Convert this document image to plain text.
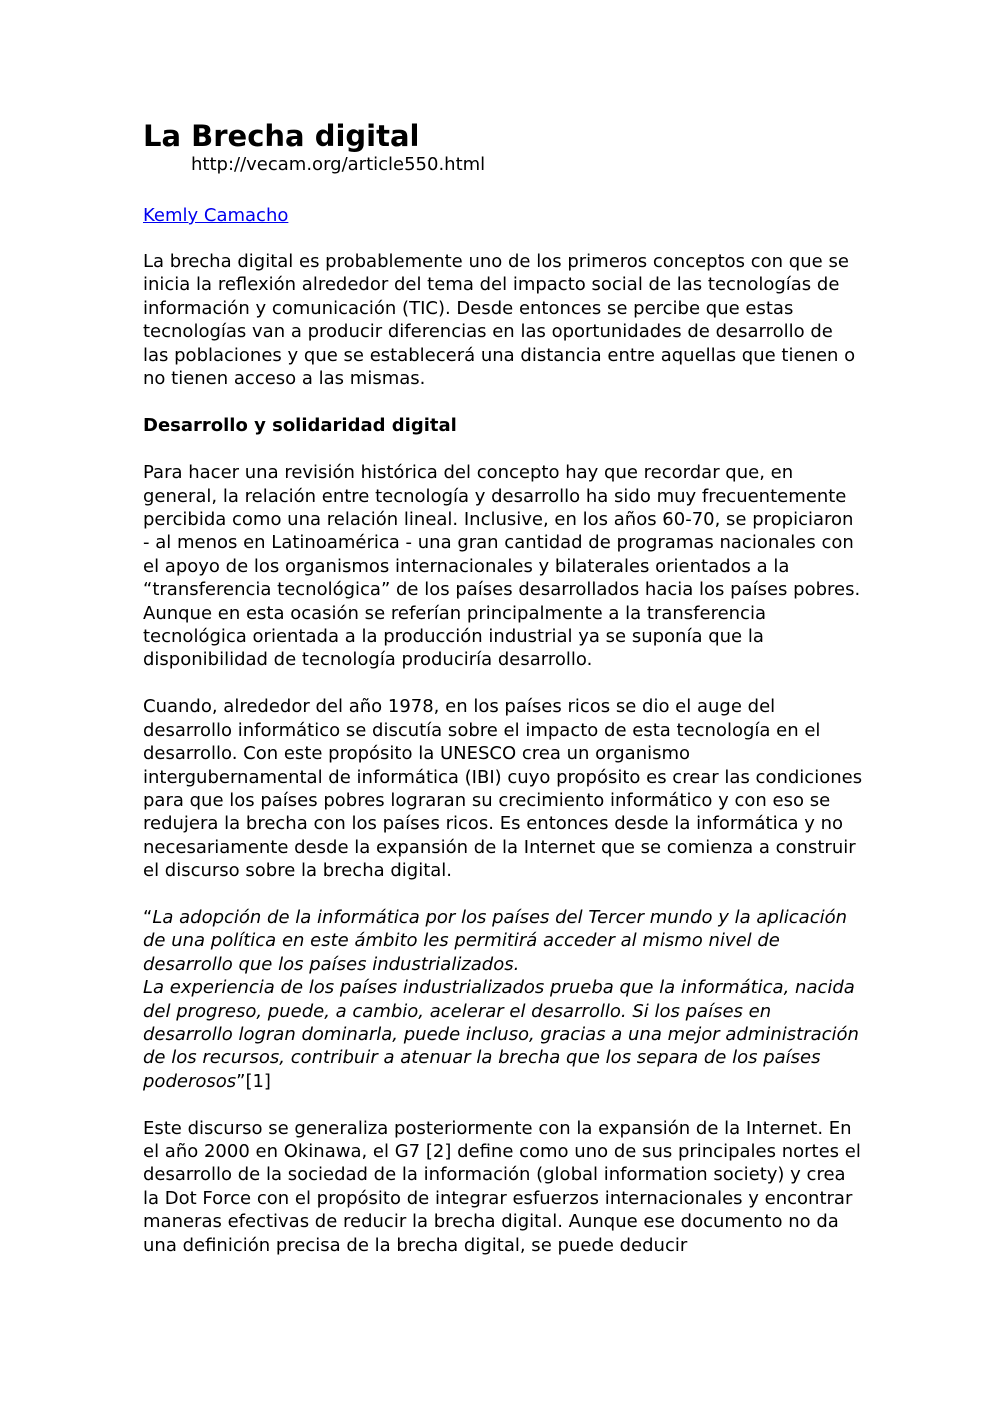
La Brecha digital
http://vecam.org/article550.html
Kemly Camacho

La brecha digital es probablemente uno de los primeros conceptos con que se inicia la reflexión alrededor del tema del impacto social de las tecnologías de información y comunicación (TIC). Desde entonces se percibe que estas tecnologías van a producir diferencias en las oportunidades de desarrollo de las poblaciones y que se establecerá una distancia entre aquellas que tienen o no tienen acceso a las mismas.

Desarrollo y solidaridad digital

Para hacer una revisión histórica del concepto hay que recordar que, en general, la relación entre tecnología y desarrollo ha sido muy frecuentemente percibida como una relación lineal. Inclusive, en los años 60-70, se propiciaron - al menos en Latinoamérica - una gran cantidad de programas nacionales con el apoyo de los organismos internacionales y bilaterales orientados a la “transferencia tecnológica” de los países desarrollados hacia los países pobres. Aunque en esta ocasión se referían principalmente a la transferencia tecnológica orientada a la producción industrial ya se suponía que la disponibilidad de tecnología produciría desarrollo.

Cuando, alrededor del año 1978, en los países ricos se dio el auge del desarrollo informático se discutía sobre el impacto de esta tecnología en el desarrollo. Con este propósito la UNESCO crea un organismo intergubernamental de informática (IBI) cuyo propósito es crear las condiciones para que los países pobres lograran su crecimiento informático y con eso se redujera la brecha con los países ricos. Es entonces desde la informática y no necesariamente desde la expansión de la Internet que se comienza a construir el discurso sobre la brecha digital.

“La adopción de la informática por los países del Tercer mundo y la aplicación de una política en este ámbito les permitirá acceder al mismo nivel de desarrollo que los países industrializados.
La experiencia de los países industrializados prueba que la informática, nacida del progreso, puede, a cambio, acelerar el desarrollo. Si los países en desarrollo logran dominarla, puede incluso, gracias a una mejor administración de los recursos, contribuir a atenuar la brecha que los separa de los países poderosos”[1]

Este discurso se generaliza posteriormente con la expansión de la Internet. En el año 2000 en Okinawa, el G7 [2] define como uno de sus principales nortes el desarrollo de la sociedad de la información (global information society) y crea la Dot Force con el propósito de integrar esfuerzos internacionales y encontrar maneras efectivas de reducir la brecha digital. Aunque ese documento no da una definición precisa de la brecha digital, se puede deducir
